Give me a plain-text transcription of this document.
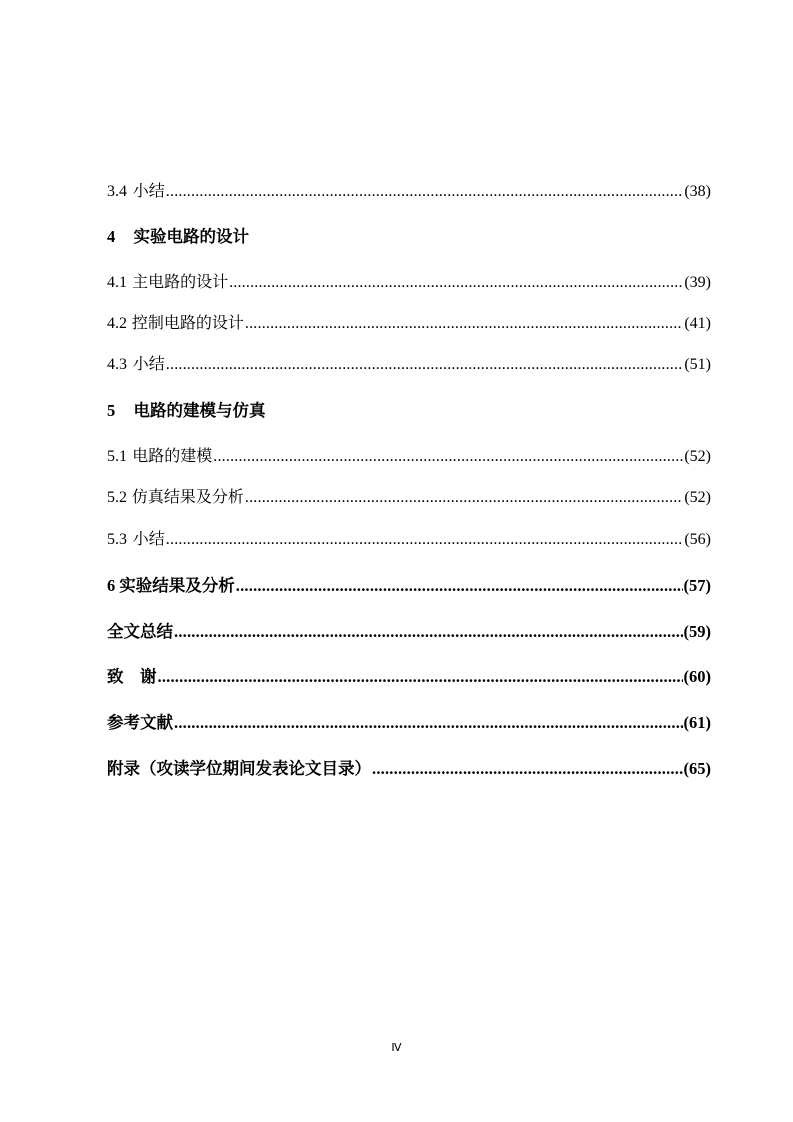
3.4 小结 .....	(38)
4 实验电路的设计
4.1 主电路的设计 .....	(39)
4.2 控制电路的设计 .....	(41)
4.3 小结 .....	(51)
5 电路的建模与仿真
5.1 电路的建模 .....	(52)
5.2 仿真结果及分析 .....	(52)
5.3 小结 .....	(56)
6 实验结果及分析 .....	(57)
全文总结 .....	(59)
致　谢 .....	(60)
参考文献 .....	(61)
附录（攻读学位期间发表论文目录） .....	(65)
Ⅳ
